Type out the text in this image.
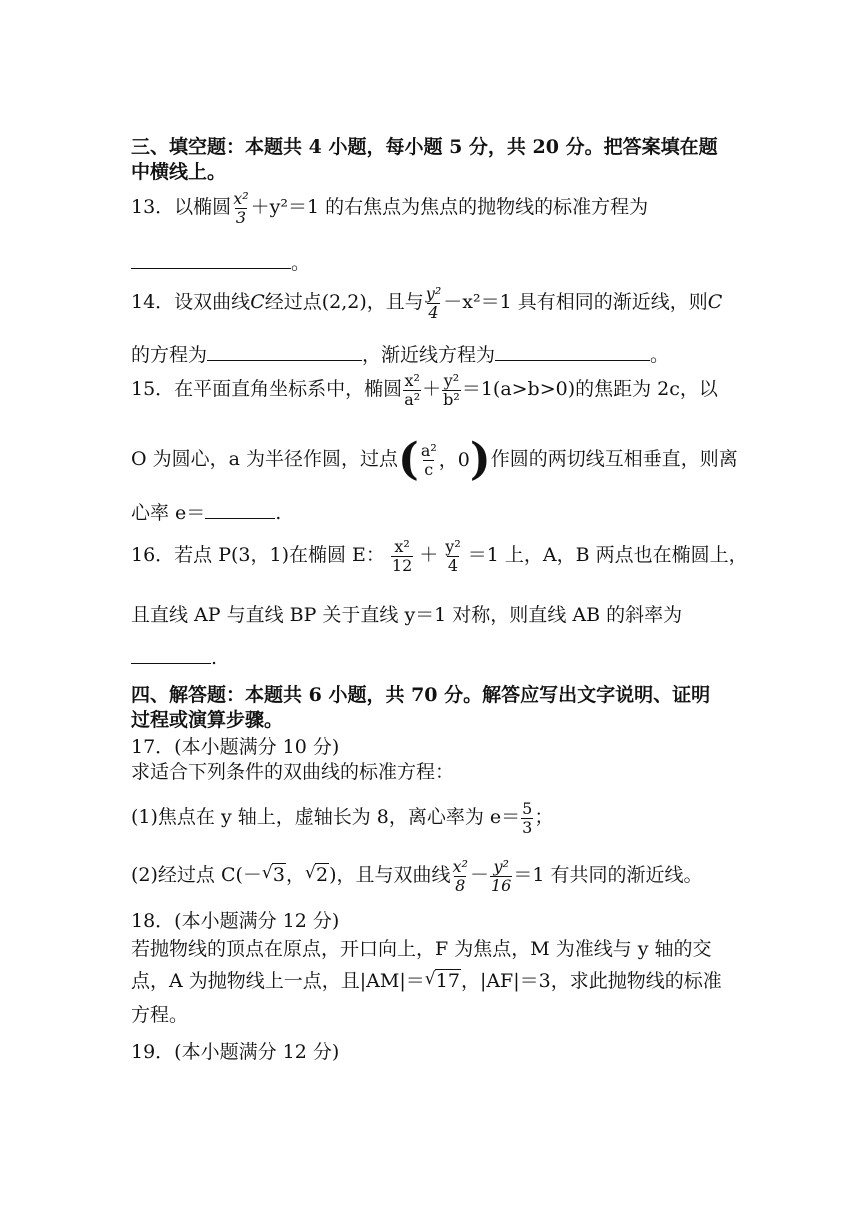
三、填空题：本题共 4 小题，每小题 5 分，共 20 分。把答案填在题
中横线上。
13．以椭圆 $\frac{\text{x²}}{3} +y^2=1$ 的右焦点为焦点的抛物线的标准方程为
。
14．设双曲线C经过点(2,2)，且与 $\frac{\text{y²}}{4} -x^2=1$ 具有相同的渐近线，则C
的方程为	，渐近线方程为	。
15．在平面直角坐标系中，椭圆 $\frac{\text{x²}}{\text{a²}} + \frac{\text{y²}}{\text{b²}} =1(a>b>0)$的焦距为 2c，以
O 为圆心，a 为半径作圆，过点 ( $\frac{\text{a²}}{c}$ ，0 ) 作圆的两切线互相垂直，则离
心率 e＝	.
16．若点 P(3，1)在椭圆 E： $\frac{\text{x²}}{12} + \frac{\text{y²}}{4} =1$ 上，A，B 两点也在椭圆上，
且直线 AP 与直线 BP 关于直线 y＝1 对称，则直线 AB 的斜率为
.
四、解答题：本题共 6 小题，共 70 分。解答应写出文字说明、证明
过程或演算步骤。
17．(本小题满分 10 分)
求适合下列条件的双曲线的标准方程：
(1)焦点在 y 轴上，虚轴长为 8，离心率为 $e= \frac{5}{3}$ ；
(2)经过点 C(－ √ 3， √ 2)，且与双曲线 $\frac{\text{x²}}{8} - \frac{\text{y²}}{16} =1$ 有共同的渐近线。
18．(本小题满分 12 分)
若抛物线的顶点在原点，开口向上，F 为焦点，M 为准线与 y 轴的交
点，A 为抛物线上一点，且|AM|＝ √ 17，|AF|＝3，求此抛物线的标准
方程。
19．(本小题满分 12 分)
